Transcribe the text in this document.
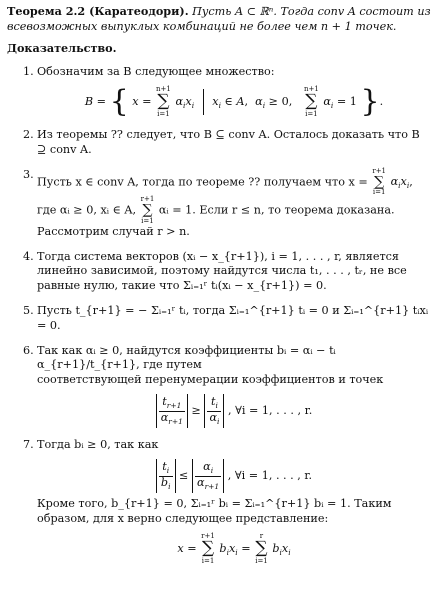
Теорема 2.2 (Каратеодори). Пусть A ⊂ ℝⁿ. Тогда conv A состоит из всевозможных выпуклых комбинаций не более чем n + 1 точек.

Доказательство.
1. Обозначим за B следующее множество:
B = { x =
n+1
∑
i=1
$\alpha_ix_i$ $x_i$ ∈ A,  $\alpha_i \ge 0$,
n+1
∑
i=1
$\alpha_i = 1$ }.
2. Из теоремы ?? следует, что B ⊆ conv A. Осталось доказать что B ⊇ conv A.
3.
Пусть x ∈ conv A, тогда по теореме ?? получаем что x =
r+1
∑
i=1
$\alpha_ix_i$,
где αᵢ ≥ 0, xᵢ ∈ A,
r+1
∑
i=1
αᵢ = 1. Если r ≤ n, то теорема доказана.
Рассмотрим случай r > n.
4. Тогда система векторов (xᵢ − x_{r+1}), i = 1, . . . , r, является линейно зависимой, поэтому найдутся числа t₁, . . . , tᵣ, не все равные нулю, такие что Σᵢ₌₁ʳ tᵢ(xᵢ − x_{r+1}) = 0.
5. Пусть t_{r+1} = − Σᵢ₌₁ʳ tᵢ, тогда Σᵢ₌₁^{r+1} tᵢ = 0 и Σᵢ₌₁^{r+1} tᵢxᵢ = 0.
6. Так как αᵢ ≥ 0, найдутся коэффициенты bᵢ = αᵢ − tᵢ α_{r+1}/t_{r+1}, где путем
соответствующей перенумерации коэффициентов и точек
$\frac{t_{r+1}}{\alpha_{r+1}} \ge \frac{t_i}{\alpha_i}$ , ∀i = 1, . . . , r.
7. Тогда bᵢ ≥ 0, так как
$\frac{t_i}{b_i} \le \frac{\alpha_i}{\alpha_{r+1}}$ , ∀i = 1, . . . , r.
Кроме того, b_{r+1} = 0, Σᵢ₌₁ʳ bᵢ = Σᵢ₌₁^{r+1} bᵢ = 1. Таким образом, для x верно следующее представление:
x =
r+1
∑
i=1
$b_ix_i$ =
r
∑
i=1
$b_ix_i$
